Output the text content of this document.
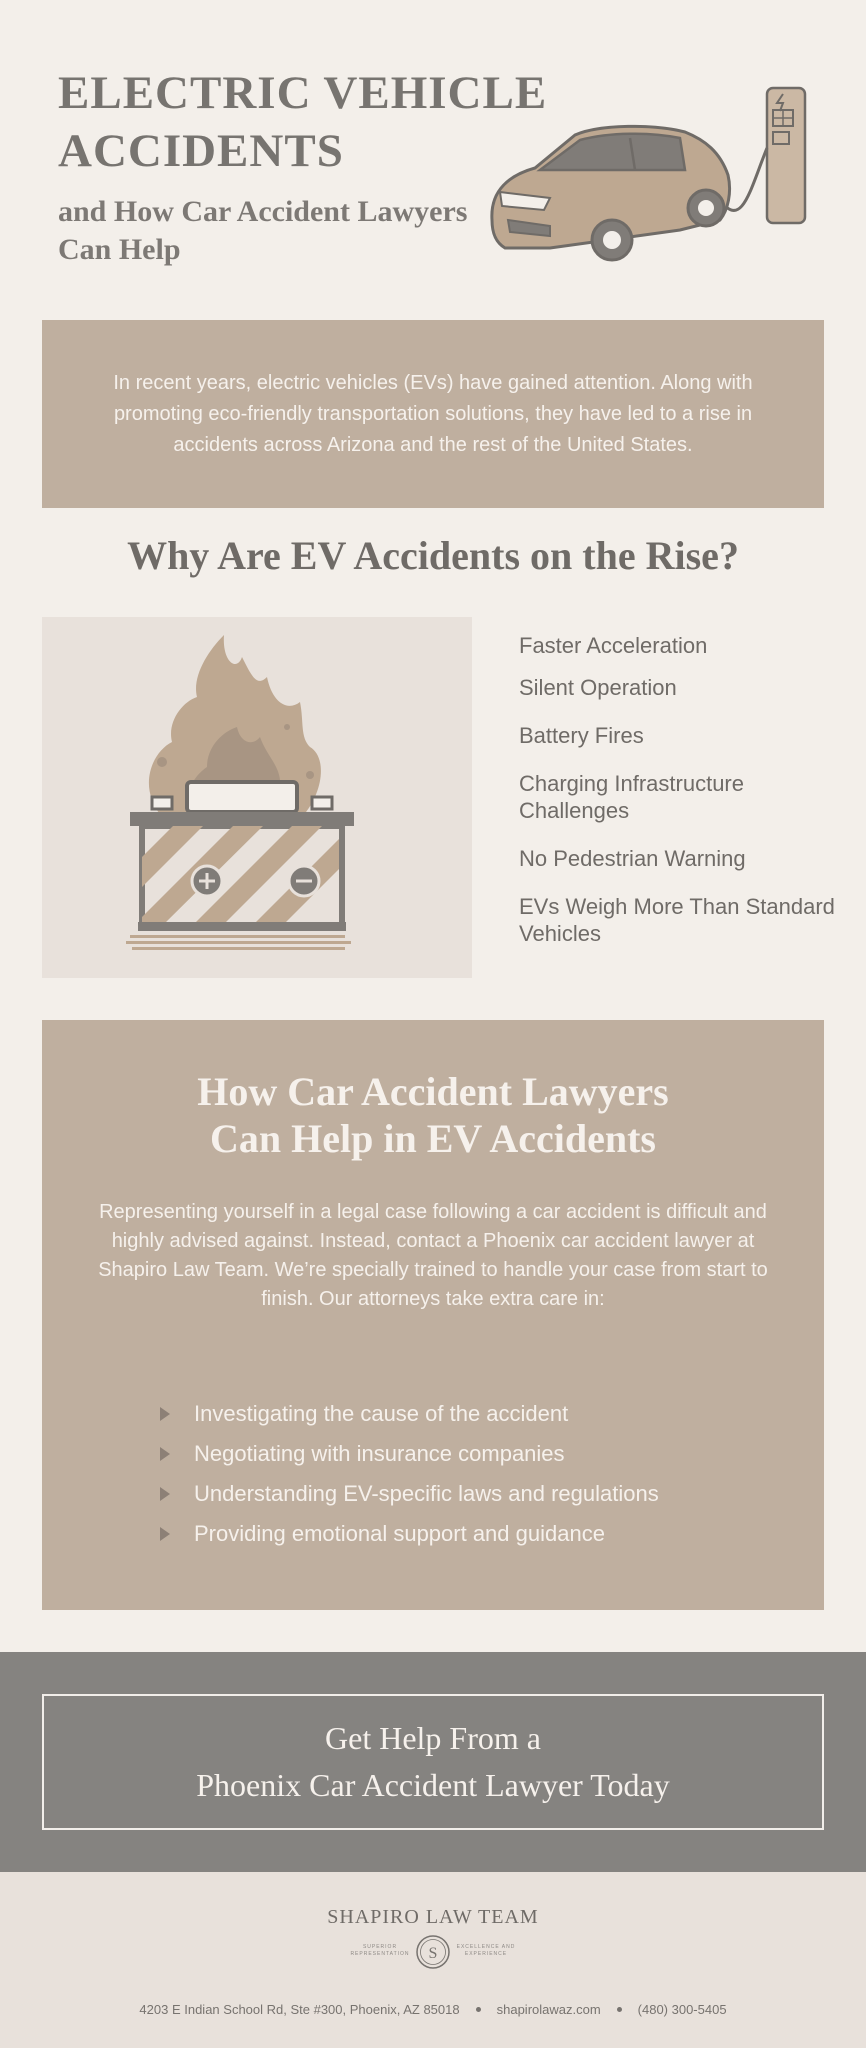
ELECTRIC VEHICLE ACCIDENTS
and How Car Accident Lawyers Can Help

In recent years, electric vehicles (EVs) have gained attention. Along with promoting eco-friendly transportation solutions, they have led to a rise in accidents across Arizona and the rest of the United States.

Why Are EV Accidents on the Rise?
Faster Acceleration
Silent Operation
Battery Fires
Charging Infrastructure Challenges
No Pedestrian Warning
EVs Weigh More Than Standard Vehicles
How Car Accident Lawyers
Can Help in EV Accidents

Representing yourself in a legal case following a car accident is difficult and highly advised against. Instead, contact a Phoenix car accident lawyer at Shapiro Law Team. We’re specially trained to handle your case from start to finish. Our attorneys take extra care in:

Investigating the cause of the accident
Negotiating with insurance companies
Understanding EV-specific laws and regulations
Providing emotional support and guidance
Get Help From a
Phoenix Car Accident Lawyer Today
SHAPIRO LAW TEAM
SUPERIOR REPRESENTATION	S	EXCELLENCE AND EXPERIENCE
4203 E Indian School Rd, Ste #300, Phoenix, AZ 85018	shapirolawaz.com	(480) 300-5405
